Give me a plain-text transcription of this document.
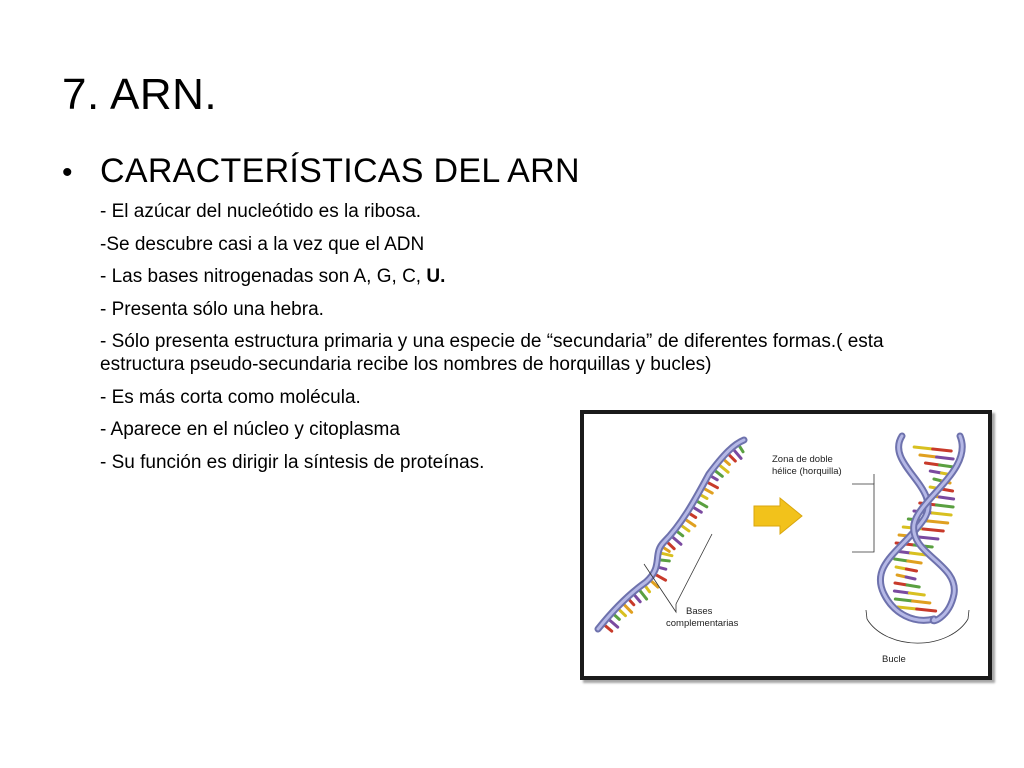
7. ARN.
• CARACTERÍSTICAS DEL ARN
- El azúcar del nucleótido es la ribosa.
-Se descubre casi a la vez que el ADN
- Las bases nitrogenadas son A, G, C, U.
- Presenta sólo una hebra.
- Sólo presenta estructura primaria y una especie de “secundaria” de diferentes formas.( esta estructura pseudo-secundaria recibe los nombres de horquillas y bucles)
- Es más corta como molécula.
- Aparece en el núcleo y citoplasma
- Su función es dirigir la síntesis de proteínas.	Zona de doble
hélice (horquilla)
Bases
complementarias
Bucle
